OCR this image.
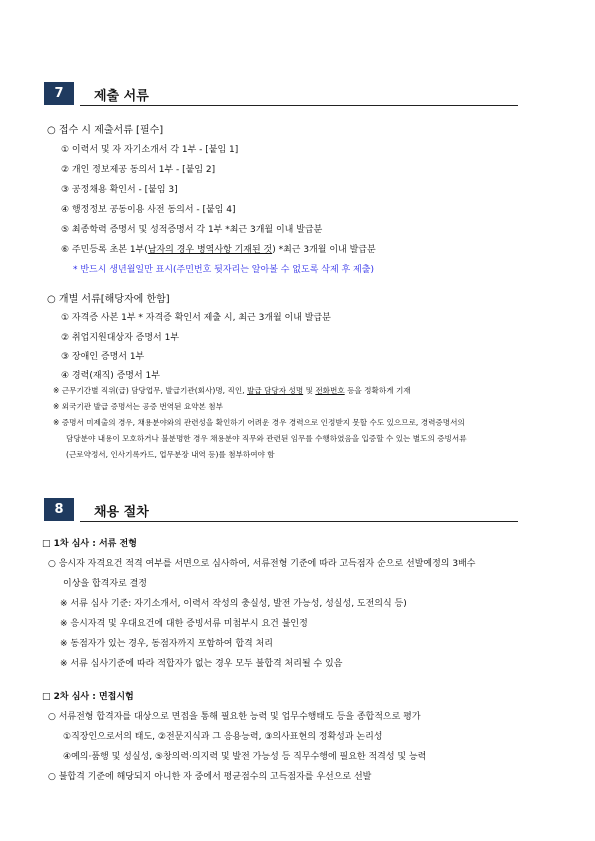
7	제출 서류
○ 접수 시 제출서류 [필수]
① 이력서 및 자 자기소개서 각 1부 - [붙임 1]
② 개인 정보제공 동의서 1부 - [붙임 2]
③ 공정채용 확인서 - [붙임 3]
④ 행정정보 공동이용 사전 동의서 - [붙임 4]
⑤ 최종학력 증명서 및 성적증명서 각 1부 *최근 3개월 이내 발급분
⑥ 주민등록 초본 1부(남자의 경우 병역사항 기재된 것) *최근 3개월 이내 발급분
* 반드시 생년월일만 표시(주민번호 뒷자리는 알아볼 수 없도록 삭제 후 제출)
○ 개별 서류[해당자에 한함]
① 자격증 사본 1부 * 자격증 확인서 제출 시, 최근 3개월 이내 발급분
② 취업지원대상자 증명서 1부
③ 장애인 증명서 1부
④ 경력(재직) 증명서 1부
※ 근무기간별 직위(급) 담당업무, 발급기관(회사)명, 직인, 발급 담당자 성명 및 전화번호 등을 정확하게 기재
※ 외국기관 발급 증명서는 공증 번역된 요약본 첨부
※ 증명서 미제출의 경우, 채용분야와의 관련성을 확인하기 어려운 경우 경력으로 인정받지 못할 수도 있으므로, 경력증명서의
담당분야 내용이 모호하거나 불분명한 경우 채용분야 직무와 관련된 임무를 수행하였음을 입증할 수 있는 별도의 증빙서류
(근로약정서, 인사기록카드, 업무분장 내역 등)를 첨부하여야 함
8	채용 절차
□ 1차 심사 : 서류 전형
○ 응시자 자격요건 적격 여부를 서면으로 심사하여, 서류전형 기준에 따라 고득점자 순으로 선발예정의 3배수
이상을 합격자로 결정
※ 서류 심사 기준: 자기소개서, 이력서 작성의 충실성, 발전 가능성, 성실성, 도전의식 등)
※ 응시자격 및 우대요건에 대한 증빙서류 미첨부시 요건 불인정
※ 동점자가 있는 경우, 동점자까지 포함하여 합격 처리
※ 서류 심사기준에 따라 적합자가 없는 경우 모두 불합격 처리될 수 있음
□ 2차 심사 : 면접시험
○ 서류전형 합격자를 대상으로 면접을 통해 필요한 능력 및 업무수행태도 등을 종합적으로 평가
①직장인으로서의 태도, ②전문지식과 그 응용능력, ③의사표현의 정확성과 논리성
④예의·품행 및 성실성, ⑤창의력·의지력 및 발전 가능성 등 직무수행에 필요한 적격성 및 능력
○ 불합격 기준에 해당되지 아니한 자 중에서 평균점수의 고득점자를 우선으로 선발
